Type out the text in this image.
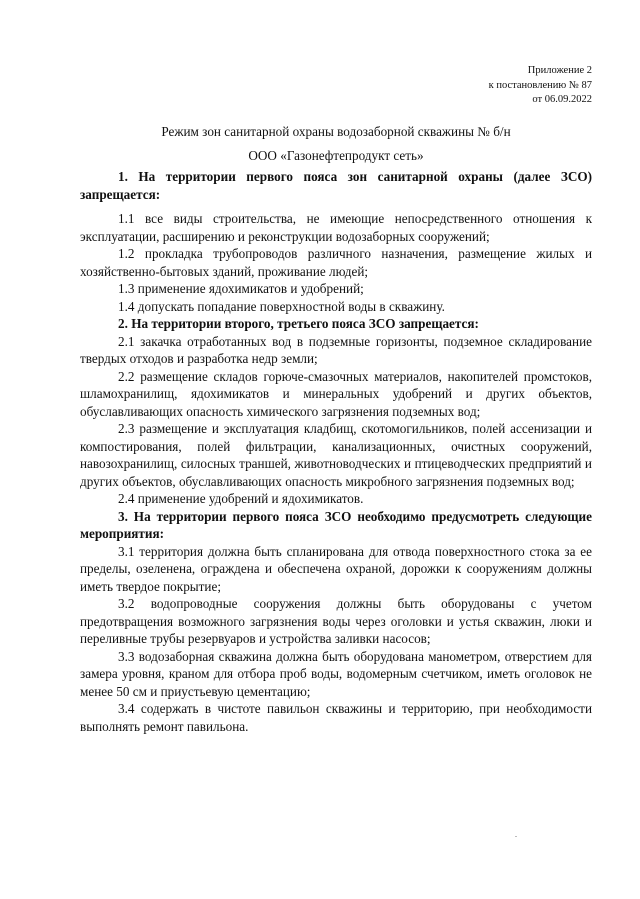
Приложение 2
к постановлению № 87
от 06.09.2022
Режим зон санитарной охраны водозаборной скважины № б/н
ООО «Газонефтепродукт сеть»

1. На территории первого пояса зон санитарной охраны (далее ЗСО) запрещается:

1.1 все виды строительства, не имеющие непосредственного отношения к эксплуатации, расширению и реконструкции водозаборных сооружений;

1.2 прокладка трубопроводов различного назначения, размещение жилых и хозяйственно-бытовых зданий, проживание людей;

1.3 применение ядохимикатов и удобрений;

1.4 допускать попадание поверхностной воды в скважину.

2. На территории второго, третьего пояса ЗСО запрещается:

2.1 закачка отработанных вод в подземные горизонты, подземное складирование твердых отходов и разработка недр земли;

2.2 размещение складов горюче-смазочных материалов, накопителей промстоков, шламохранилищ, ядохимикатов и минеральных удобрений и других объектов, обуславливающих опасность химического загрязнения подземных вод;

2.3 размещение и эксплуатация кладбищ, скотомогильников, полей ассенизации и компостирования, полей фильтрации, канализационных, очистных сооружений, навозохранилищ, силосных траншей, животноводческих и птицеводческих предприятий и других объектов, обуславливающих опасность микробного загрязнения подземных вод;

2.4 применение удобрений и ядохимикатов.

3. На территории первого пояса ЗСО необходимо предусмотреть следующие мероприятия:

3.1 территория должна быть спланирована для отвода поверхностного стока за ее пределы, озеленена, ограждена и обеспечена охраной, дорожки к сооружениям должны иметь твердое покрытие;

3.2 водопроводные сооружения должны быть оборудованы с учетом предотвращения возможного загрязнения воды через оголовки и устья скважин, люки и переливные трубы резервуаров и устройства заливки насосов;

3.3 водозаборная скважина должна быть оборудована манометром, отверстием для замера уровня, краном для отбора проб воды, водомерным счетчиком, иметь оголовок не менее 50 см и приустьевую цементацию;

3.4 содержать в чистоте павильон скважины и территорию, при необходимости выполнять ремонт павильона.
